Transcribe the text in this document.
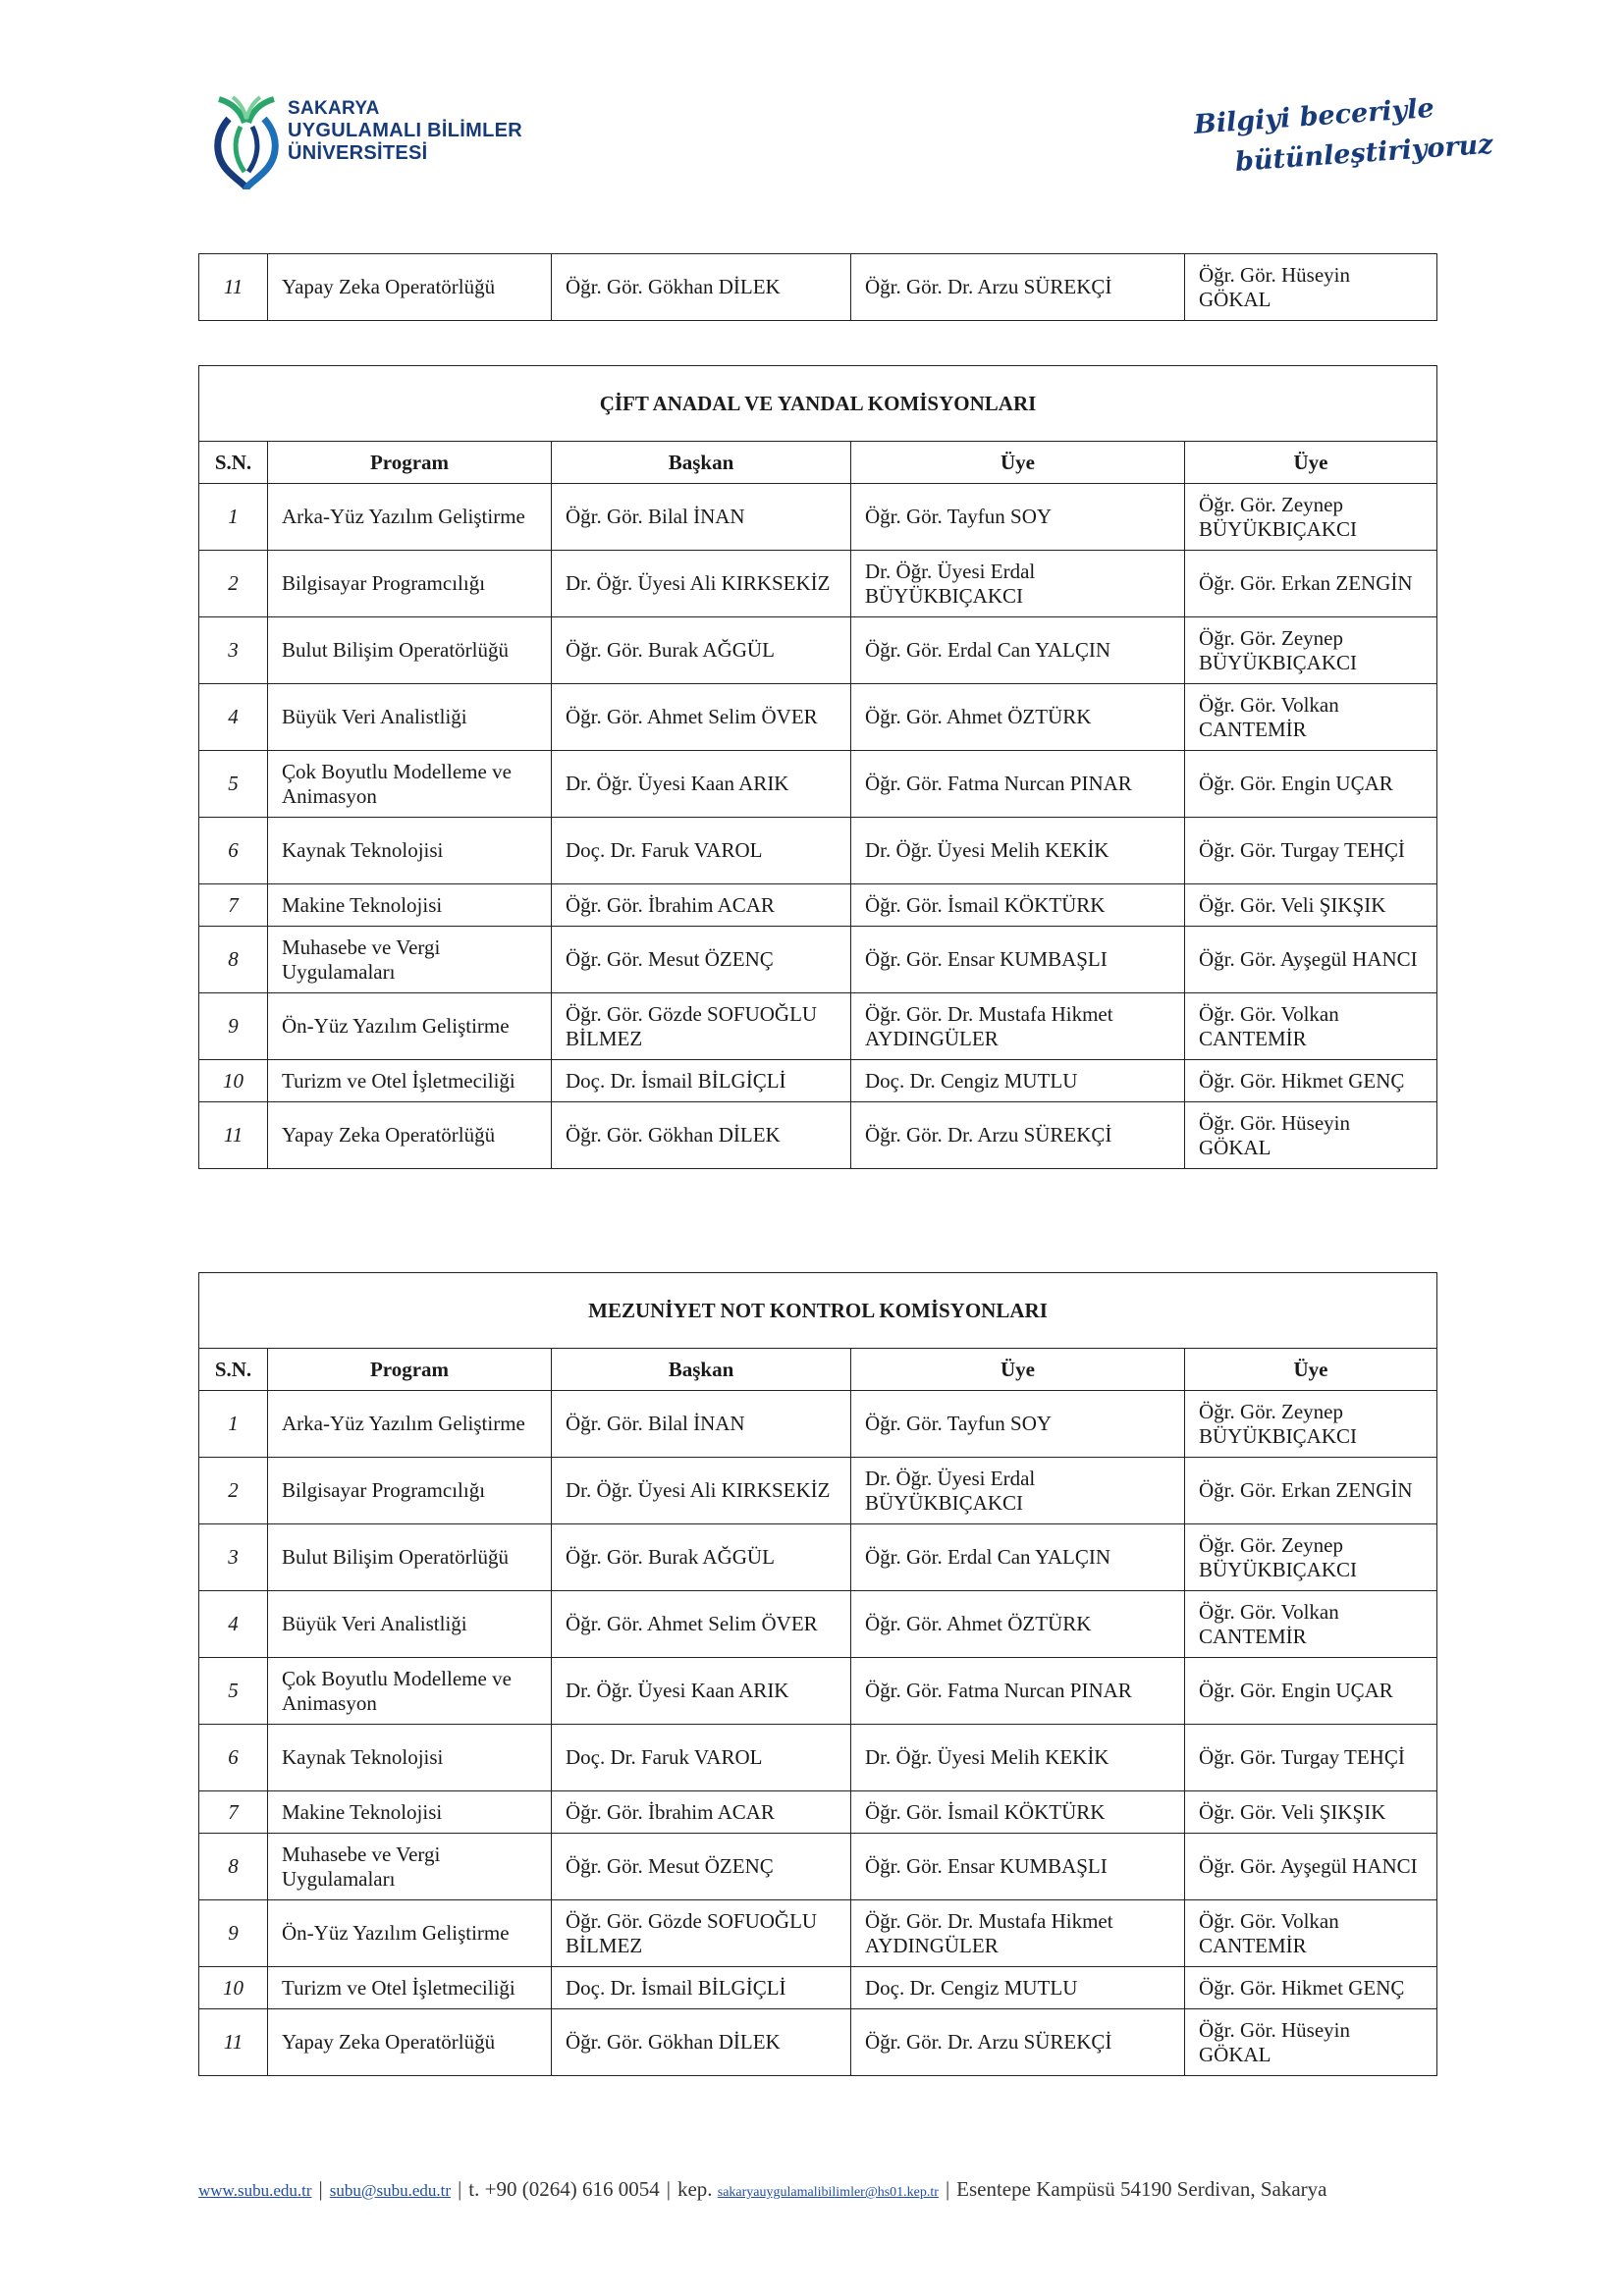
SAKARYA
UYGULAMALI BİLİMLER
ÜNİVERSİTESİ
Bilgiyi beceriyle
bütünleştiriyoruz
11	Yapay Zeka Operatörlüğü	Öğr. Gör. Gökhan DİLEK	Öğr. Gör. Dr. Arzu SÜREKÇİ	Öğr. Gör. Hüseyin GÖKAL
ÇİFT ANADAL VE YANDAL KOMİSYONLARI				
S.N.	Program	Başkan	Üye	Üye
1	Arka-Yüz Yazılım Geliştirme	Öğr. Gör. Bilal İNAN	Öğr. Gör. Tayfun SOY	Öğr. Gör. Zeynep BÜYÜKBIÇAKCI
2	Bilgisayar Programcılığı	Dr. Öğr. Üyesi Ali KIRKSEKİZ	Dr. Öğr. Üyesi Erdal BÜYÜKBIÇAKCI	Öğr. Gör. Erkan ZENGİN
3	Bulut Bilişim Operatörlüğü	Öğr. Gör. Burak AĞGÜL	Öğr. Gör. Erdal Can YALÇIN	Öğr. Gör. Zeynep BÜYÜKBIÇAKCI
4	Büyük Veri Analistliği	Öğr. Gör. Ahmet Selim ÖVER	Öğr. Gör. Ahmet ÖZTÜRK	Öğr. Gör. Volkan CANTEMİR
5	Çok Boyutlu Modelleme ve Animasyon	Dr. Öğr. Üyesi Kaan ARIK	Öğr. Gör. Fatma Nurcan PINAR	Öğr. Gör. Engin UÇAR
6	Kaynak Teknolojisi	Doç. Dr. Faruk VAROL	Dr. Öğr. Üyesi Melih KEKİK	Öğr. Gör. Turgay TEHÇİ
7	Makine Teknolojisi	Öğr. Gör. İbrahim ACAR	Öğr. Gör. İsmail KÖKTÜRK	Öğr. Gör. Veli ŞIKŞIK
8	Muhasebe ve Vergi Uygulamaları	Öğr. Gör. Mesut ÖZENÇ	Öğr. Gör. Ensar KUMBAŞLI	Öğr. Gör. Ayşegül HANCI
9	Ön-Yüz Yazılım Geliştirme	Öğr. Gör. Gözde SOFUOĞLU BİLMEZ	Öğr. Gör. Dr. Mustafa Hikmet AYDINGÜLER	Öğr. Gör. Volkan CANTEMİR
10	Turizm ve Otel İşletmeciliği	Doç. Dr. İsmail BİLGİÇLİ	Doç. Dr. Cengiz MUTLU	Öğr. Gör. Hikmet GENÇ
11	Yapay Zeka Operatörlüğü	Öğr. Gör. Gökhan DİLEK	Öğr. Gör. Dr. Arzu SÜREKÇİ	Öğr. Gör. Hüseyin GÖKAL
MEZUNİYET NOT KONTROL KOMİSYONLARI				
S.N.	Program	Başkan	Üye	Üye
1	Arka-Yüz Yazılım Geliştirme	Öğr. Gör. Bilal İNAN	Öğr. Gör. Tayfun SOY	Öğr. Gör. Zeynep BÜYÜKBIÇAKCI
2	Bilgisayar Programcılığı	Dr. Öğr. Üyesi Ali KIRKSEKİZ	Dr. Öğr. Üyesi Erdal BÜYÜKBIÇAKCI	Öğr. Gör. Erkan ZENGİN
3	Bulut Bilişim Operatörlüğü	Öğr. Gör. Burak AĞGÜL	Öğr. Gör. Erdal Can YALÇIN	Öğr. Gör. Zeynep BÜYÜKBIÇAKCI
4	Büyük Veri Analistliği	Öğr. Gör. Ahmet Selim ÖVER	Öğr. Gör. Ahmet ÖZTÜRK	Öğr. Gör. Volkan CANTEMİR
5	Çok Boyutlu Modelleme ve Animasyon	Dr. Öğr. Üyesi Kaan ARIK	Öğr. Gör. Fatma Nurcan PINAR	Öğr. Gör. Engin UÇAR
6	Kaynak Teknolojisi	Doç. Dr. Faruk VAROL	Dr. Öğr. Üyesi Melih KEKİK	Öğr. Gör. Turgay TEHÇİ
7	Makine Teknolojisi	Öğr. Gör. İbrahim ACAR	Öğr. Gör. İsmail KÖKTÜRK	Öğr. Gör. Veli ŞIKŞIK
8	Muhasebe ve Vergi Uygulamaları	Öğr. Gör. Mesut ÖZENÇ	Öğr. Gör. Ensar KUMBAŞLI	Öğr. Gör. Ayşegül HANCI
9	Ön-Yüz Yazılım Geliştirme	Öğr. Gör. Gözde SOFUOĞLU BİLMEZ	Öğr. Gör. Dr. Mustafa Hikmet AYDINGÜLER	Öğr. Gör. Volkan CANTEMİR
10	Turizm ve Otel İşletmeciliği	Doç. Dr. İsmail BİLGİÇLİ	Doç. Dr. Cengiz MUTLU	Öğr. Gör. Hikmet GENÇ
11	Yapay Zeka Operatörlüğü	Öğr. Gör. Gökhan DİLEK	Öğr. Gör. Dr. Arzu SÜREKÇİ	Öğr. Gör. Hüseyin GÖKAL
www.subu.edu.tr | subu@subu.edu.tr | t. +90 (0264) 616 0054 | kep. sakaryauygulamalibilimler@hs01.kep.tr | Esentepe Kampüsü 54190 Serdivan, Sakarya
